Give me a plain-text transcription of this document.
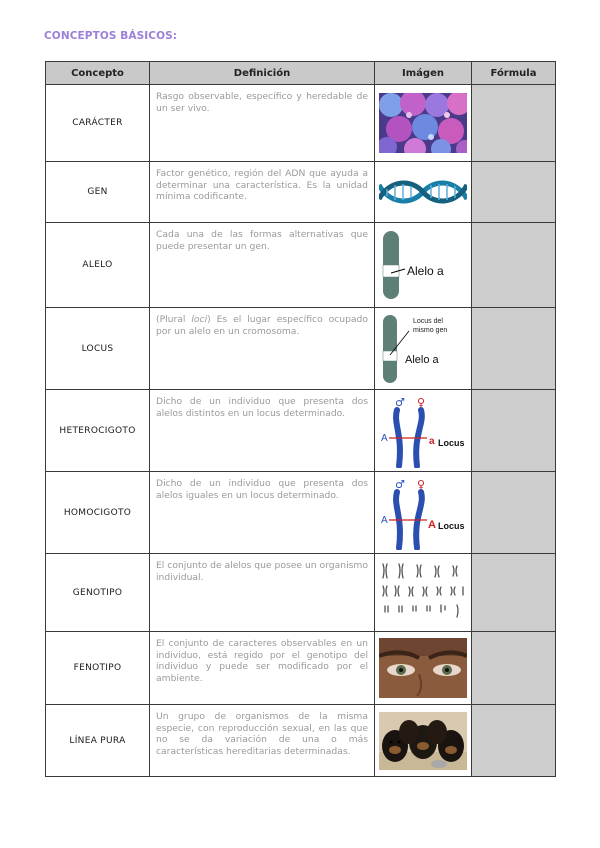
CONCEPTOS BÁSICOS:
Concepto	Definición	Imágen	Fórmula
CARÁCTER	Rasgo observable, específico y heredable de un ser vivo.	

GEN	Factor genético, región del ADN que ayuda a determinar una característica. Es la unidad mínima codificante.	

ALELO	Cada una de las formas alternativas que puede presentar un gen.	Alelo a	

LOCUS	(Plural loci) Es el lugar específico ocupado por un alelo en un cromosoma.	Locus del
mismo gen
Alelo a	

HETEROCIGOTO	Dicho de un individuo que presenta dos alelos distintos en un locus determinado.	♂ ♀
A a Locus	

HOMOCIGOTO	Dicho de un individuo que presenta dos alelos iguales en un locus determinado.	♂ ♀
A A Locus	

GENOTIPO	El conjunto de alelos que posee un organismo individual.	

FENOTIPO	El conjunto de caracteres observables en un individuo, está regido por el genotipo del individuo y puede ser modificado por el ambiente.	

LÍNEA PURA	Un grupo de organismos de la misma especie, con reproducción sexual, en las que no se da variación de una o más características hereditarias determinadas.	
